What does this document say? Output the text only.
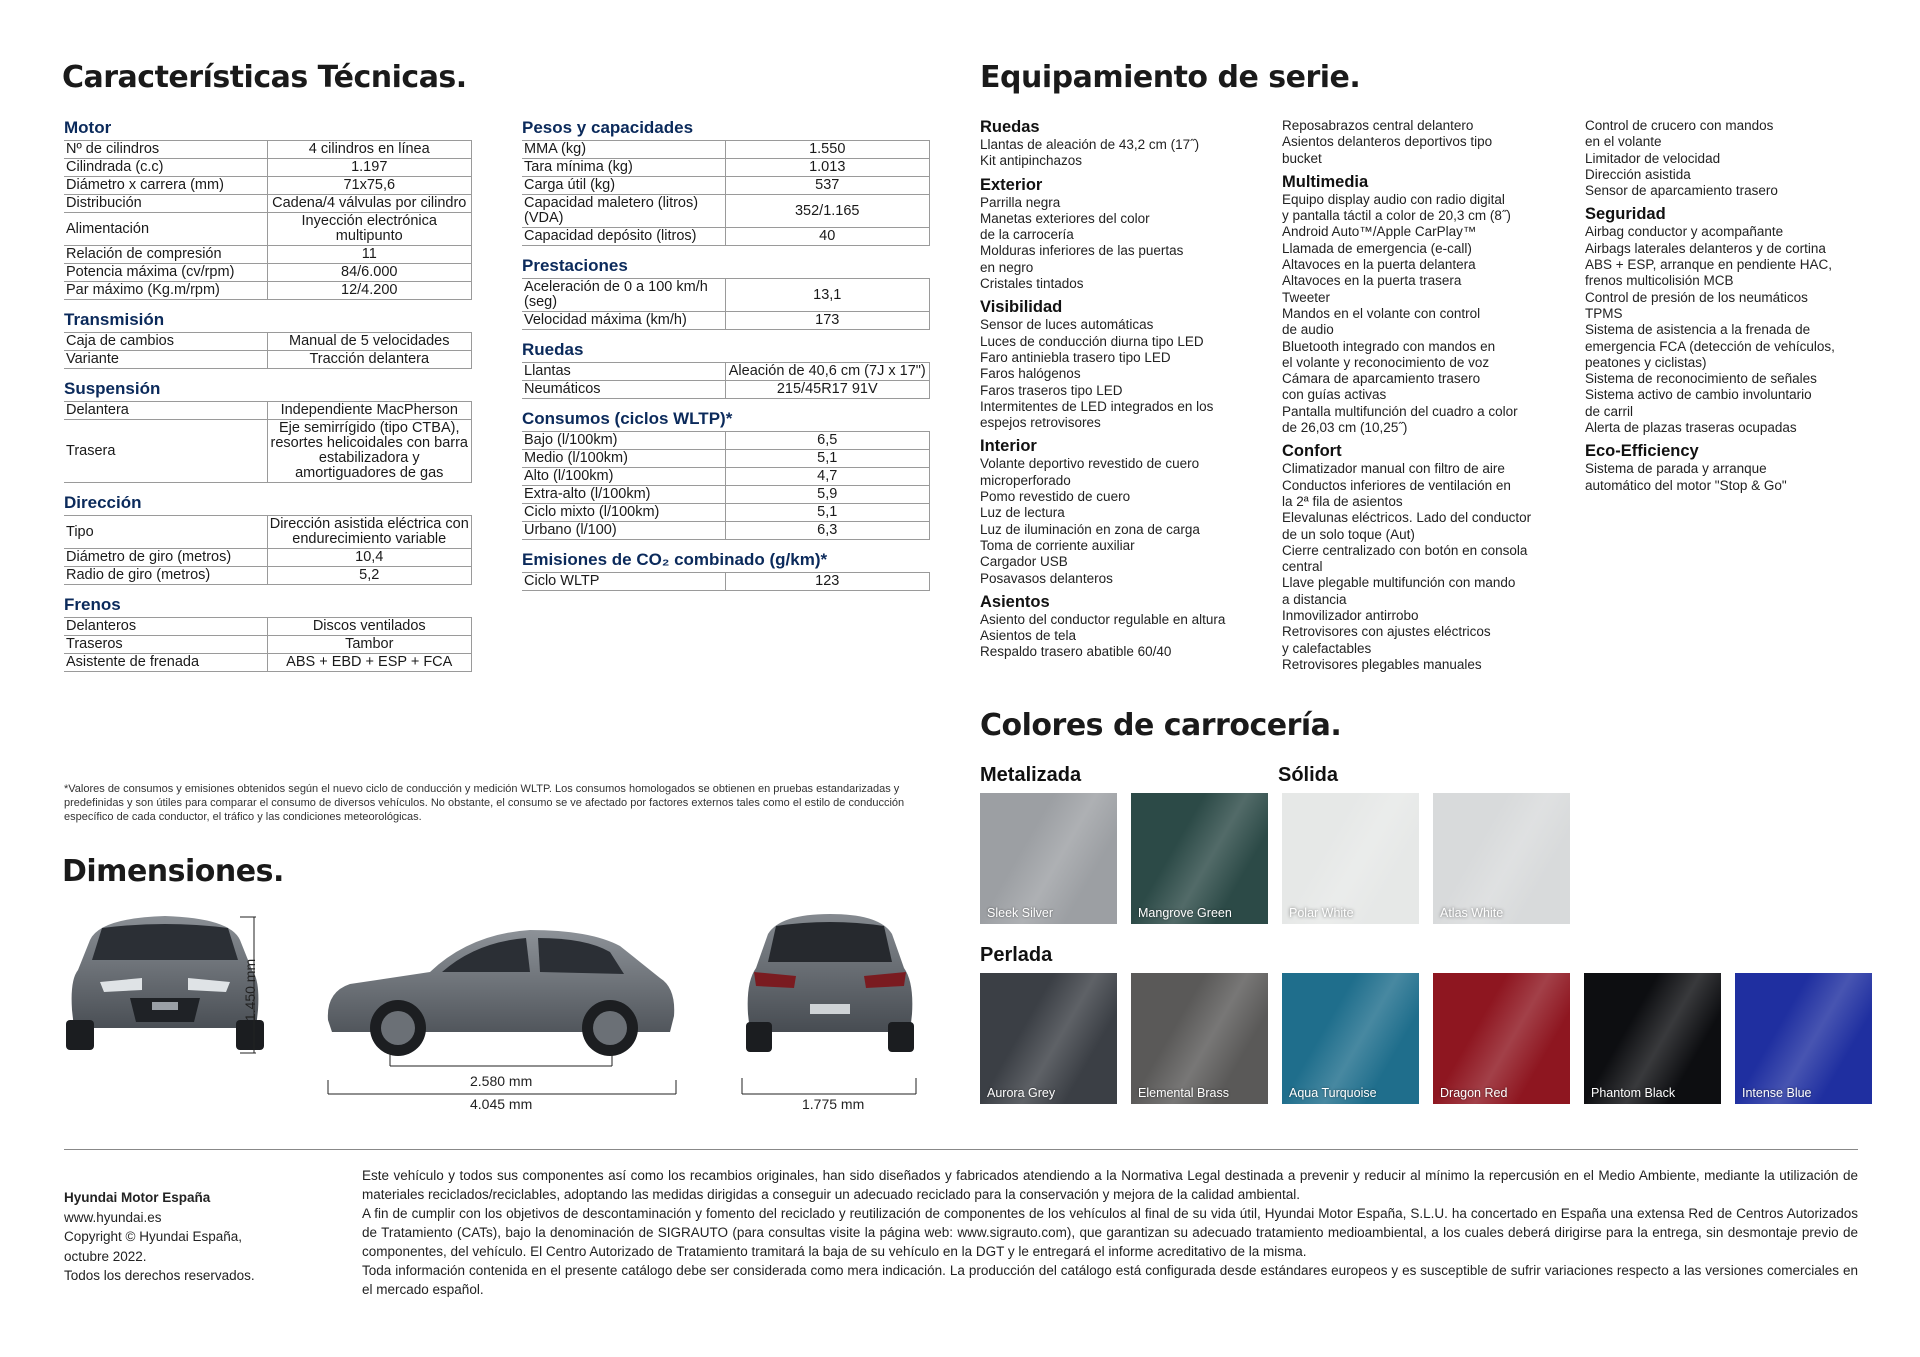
Características Técnicas.	Equipamiento de serie.
Motor
Nº de cilindros	4 cilindros en línea
Cilindrada (c.c)	1.197
Diámetro x carrera (mm)	71x75,6
Distribución	Cadena/4 válvulas por cilindro
Alimentación	Inyección electrónica multipunto
Relación de compresión	11
Potencia máxima (cv/rpm)	84/6.000
Par máximo (Kg.m/rpm)	12/4.200
Transmisión
Caja de cambios	Manual de 5 velocidades
Variante	Tracción delantera
Suspensión
Delantera	Independiente MacPherson
Trasera	Eje semirrígido (tipo CTBA), resortes helicoidales con barra estabilizadora y amortiguadores de gas
Dirección
Tipo	Dirección asistida eléctrica con endurecimiento variable
Diámetro de giro (metros)	10,4
Radio de giro (metros)	5,2
Frenos
Delanteros	Discos ventilados
Traseros	Tambor
Asistente de frenada	ABS + EBD + ESP + FCA
Pesos y capacidades
MMA (kg)	1.550
Tara mínima (kg)	1.013
Carga útil (kg)	537
Capacidad maletero (litros) (VDA)	352/1.165
Capacidad depósito (litros)	40
Prestaciones
Aceleración de 0 a 100 km/h (seg)	13,1
Velocidad máxima (km/h)	173
Ruedas
Llantas	Aleación de 40,6 cm (7J x 17")
Neumáticos	215/45R17 91V
Consumos (ciclos WLTP)*
Bajo (l/100km)	6,5
Medio (l/100km)	5,1
Alto (l/100km)	4,7
Extra-alto (l/100km)	5,9
Ciclo mixto (l/100km)	5,1
Urbano (l/100)	6,3
Emisiones de CO₂ combinado (g/km)*
Ciclo WLTP	123
*Valores de consumos y emisiones obtenidos según el nuevo ciclo de conducción y medición WLTP. Los consumos homologados se obtienen en pruebas estandarizadas y predefinidas y son útiles para comparar el consumo de diversos vehículos. No obstante, el consumo se ve afectado por factores externos tales como el estilo de conducción específico de cada conductor, el tráfico y las condiciones meteorológicas.
Ruedas

Llantas de aleación de 43,2 cm (17˝)

Kit antipinchazos

Exterior

Parrilla negra

Manetas exteriores del color

de la carrocería

Molduras inferiores de las puertas

en negro

Cristales tintados

Visibilidad

Sensor de luces automáticas

Luces de conducción diurna tipo LED

Faro antiniebla trasero tipo LED

Faros halógenos

Faros traseros tipo LED

Intermitentes de LED integrados en los

espejos retrovisores

Interior

Volante deportivo revestido de cuero

microperforado

Pomo revestido de cuero

Luz de lectura

Luz de iluminación en zona de carga

Toma de corriente auxiliar

Cargador USB

Posavasos delanteros

Asientos

Asiento del conductor regulable en altura

Asientos de tela

Respaldo trasero abatible 60/40

Reposabrazos central delantero

Asientos delanteros deportivos tipo

bucket

Multimedia

Equipo display audio con radio digital

y pantalla táctil a color de 20,3 cm (8˝)

Android Auto™/Apple CarPlay™

Llamada de emergencia (e-call)

Altavoces en la puerta delantera

Altavoces en la puerta trasera

Tweeter

Mandos en el volante con control

de audio

Bluetooth integrado con mandos en

el volante y reconocimiento de voz

Cámara de aparcamiento trasero

con guías activas

Pantalla multifunción del cuadro a color

de 26,03 cm (10,25˝)

Confort

Climatizador manual con filtro de aire

Conductos inferiores de ventilación en

la 2ª fila de asientos

Elevalunas eléctricos. Lado del conductor

de un solo toque (Aut)

Cierre centralizado con botón en consola

central

Llave plegable multifunción con mando

a distancia

Inmovilizador antirrobo

Retrovisores con ajustes eléctricos

y calefactables

Retrovisores plegables manuales

Control de crucero con mandos

en el volante

Limitador de velocidad

Dirección asistida

Sensor de aparcamiento trasero

Seguridad

Airbag conductor y acompañante

Airbags laterales delanteros y de cortina

ABS + ESP, arranque en pendiente HAC,

frenos multicolisión MCB

Control de presión de los neumáticos

TPMS

Sistema de asistencia a la frenada de

emergencia FCA (detección de vehículos,

peatones y ciclistas)

Sistema de reconocimiento de señales

Sistema activo de cambio involuntario

de carril

Alerta de plazas traseras ocupadas

Eco-Efficiency

Sistema de parada y arranque

automático del motor "Stop & Go"

Colores de carrocería.
Metalizada	Sólida
Perlada
Sleek Silver	Mangrove Green	Polar White	Atlas White
Aurora Grey	Elemental Brass	Aqua Turquoise	Dragon Red	Phantom Black	Intense Blue
Dimensiones.
1.450 mm
2.580 mm
4.045 mm	1.775 mm
Hyundai Motor España
www.hyundai.es
Copyright © Hyundai España,
octubre 2022.
Todos los derechos reservados.

Este vehículo y todos sus componentes así como los recambios originales, han sido diseñados y fabricados atendiendo a la Normativa Legal destinada a prevenir y reducir al mínimo la repercusión en el Medio Ambiente, mediante la utilización de materiales reciclados/reciclables, adoptando las medidas dirigidas a conseguir un adecuado reciclado para la conservación y mejora de la calidad ambiental.

A fin de cumplir con los objetivos de descontaminación y fomento del reciclado y reutilización de componentes de los vehículos al final de su vida útil, Hyundai Motor España, S.L.U. ha concertado en España una extensa Red de Centros Autorizados de Tratamiento (CATs), bajo la denominación de SIGRAUTO (para consultas visite la página web: www.sigrauto.com), que garantizan su adecuado tratamiento medioambiental, a los cuales deberá dirigirse para la entrega, sin desmontaje previo de componentes, del vehículo. El Centro Autorizado de Tratamiento tramitará la baja de su vehículo en la DGT y le entregará el informe acreditativo de la misma.

Toda información contenida en el presente catálogo debe ser considerada como mera indicación. La producción del catálogo está configurada desde estándares europeos y es susceptible de sufrir variaciones respecto a las versiones comerciales en el mercado español.
